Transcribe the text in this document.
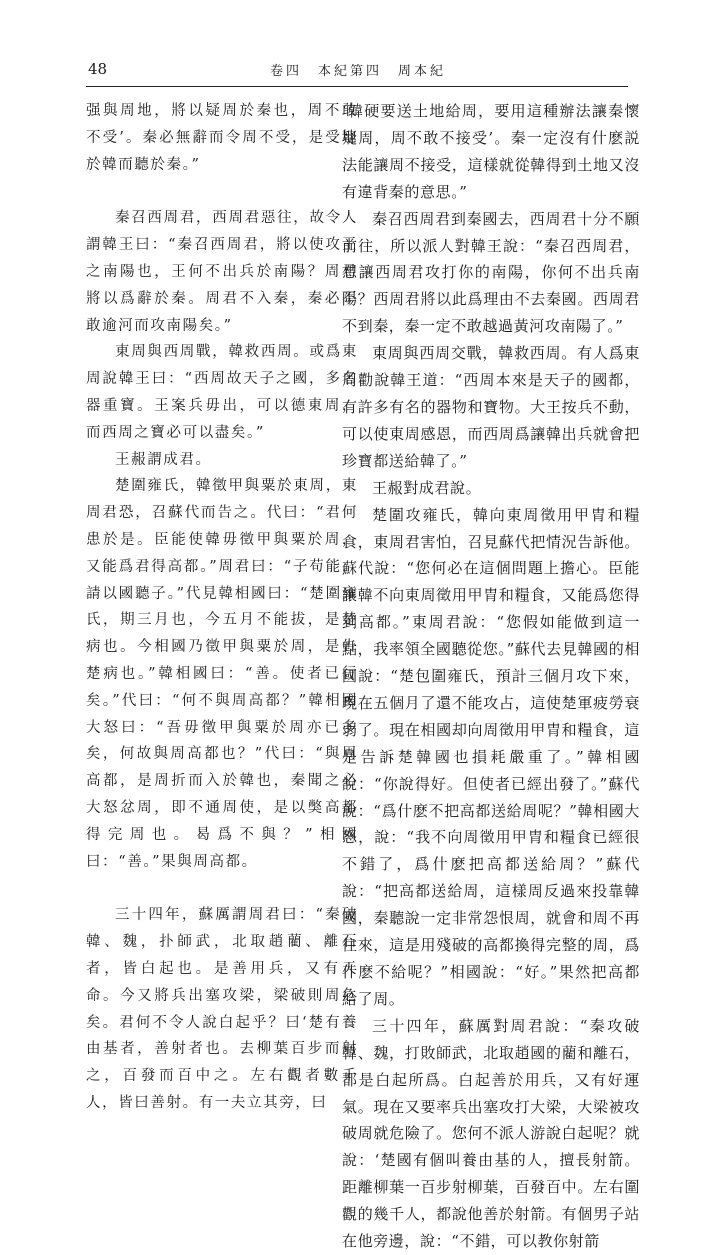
48	卷四　本紀第四　周本紀

强與周地，將以疑周於秦也，周不敢不受’。秦必無辭而令周不受，是受地於韓而聽於秦。”

秦召西周君，西周君惡往，故令人謂韓王曰：“秦召西周君，將以使攻王之南陽也，王何不出兵於南陽？周君將以爲辭於秦。周君不入秦，秦必不敢逾河而攻南陽矣。”

東周與西周戰，韓救西周。或爲東周說韓王曰：“西周故天子之國，多名器重寶。王案兵毋出，可以德東周，而西周之寶必可以盡矣。”

王赧謂成君。

楚圍雍氏，韓徵甲與粟於東周，東周君恐，召蘇代而告之。代曰：“君何患於是。臣能使韓毋徵甲與粟於周，又能爲君得高都。”周君曰：“子苟能，請以國聽子。”代見韓相國曰：“楚圍雍氏，期三月也，今五月不能拔，是楚病也。今相國乃徵甲與粟於周，是告楚病也。”韓相國曰：“善。使者已行矣。”代曰：“何不與周高都？”韓相國大怒曰：“吾毋徵甲與粟於周亦已多矣，何故與周高都也？”代曰：“與周高都，是周折而入於韓也，秦聞之必大怒忿周，即不通周使，是以獘高都得完周也。曷爲不與？”相國曰：“善。”果與周高都。

三十四年，蘇厲謂周君曰：“秦破韓、魏，扑師武，北取趙藺、離石者，皆白起也。是善用兵，又有天命。今又將兵出塞攻梁，梁破則周危矣。君何不令人說白起乎？曰‘楚有養由基者，善射者也。去柳葉百步而射之，百發而百中之。左右觀者數千人，皆曰善射。有一夫立其旁，曰

‘韓硬要送土地給周，要用這種辦法讓秦懷疑周，周不敢不接受’。秦一定沒有什麽説法能讓周不接受，這樣就從韓得到土地又沒有違背秦的意思。”

秦召西周君到秦國去，西周君十分不願前往，所以派人對韓王說：“秦召西周君，想讓西周君攻打你的南陽，你何不出兵南陽？西周君將以此爲理由不去秦國。西周君不到秦，秦一定不敢越過黃河攻南陽了。”

東周與西周交戰，韓救西周。有人爲東周勸說韓王道：“西周本來是天子的國都，有許多有名的器物和寶物。大王按兵不動，可以使東周感恩，而西周爲讓韓出兵就會把珍寶都送給韓了。”

王赧對成君說。

楚圍攻雍氏，韓向東周徵用甲胄和糧食，東周君害怕，召見蘇代把情況告訴他。蘇代說：“您何必在這個問題上擔心。臣能讓韓不向東周徵用甲胄和糧食，又能爲您得到高都。”東周君說：“您假如能做到這一點，我率領全國聽從您。”蘇代去見韓國的相國說：“楚包圍雍氏，預計三個月攻下來，現在五個月了還不能攻占，這使楚軍疲勞衰弱了。現在相國却向周徵用甲胄和糧食，這是告訴楚韓國也損耗嚴重了。”韓相國說：“你說得好。但使者已經出發了。”蘇代說：“爲什麽不把高都送給周呢？”韓相國大怒，說：“我不向周徵用甲胄和糧食已經很不錯了，爲什麽把高都送給周？”蘇代說：“把高都送給周，這樣周反過來投靠韓國，秦聽說一定非常怨恨周，就會和周不再往來，這是用殘破的高都換得完整的周，爲什麽不給呢？”相國說：“好。”果然把高都給了周。

三十四年，蘇厲對周君說：“秦攻破韓、魏，打敗師武，北取趙國的藺和離石，都是白起所爲。白起善於用兵，又有好運氣。現在又要率兵出塞攻打大梁，大梁被攻破周就危險了。您何不派人游說白起呢？就說：‘楚國有個叫養由基的人，擅長射箭。距離柳葉一百步射柳葉，百發百中。左右圍觀的幾千人，都說他善於射箭。有個男子站在他旁邊，說：“不錯，可以教你射箭
